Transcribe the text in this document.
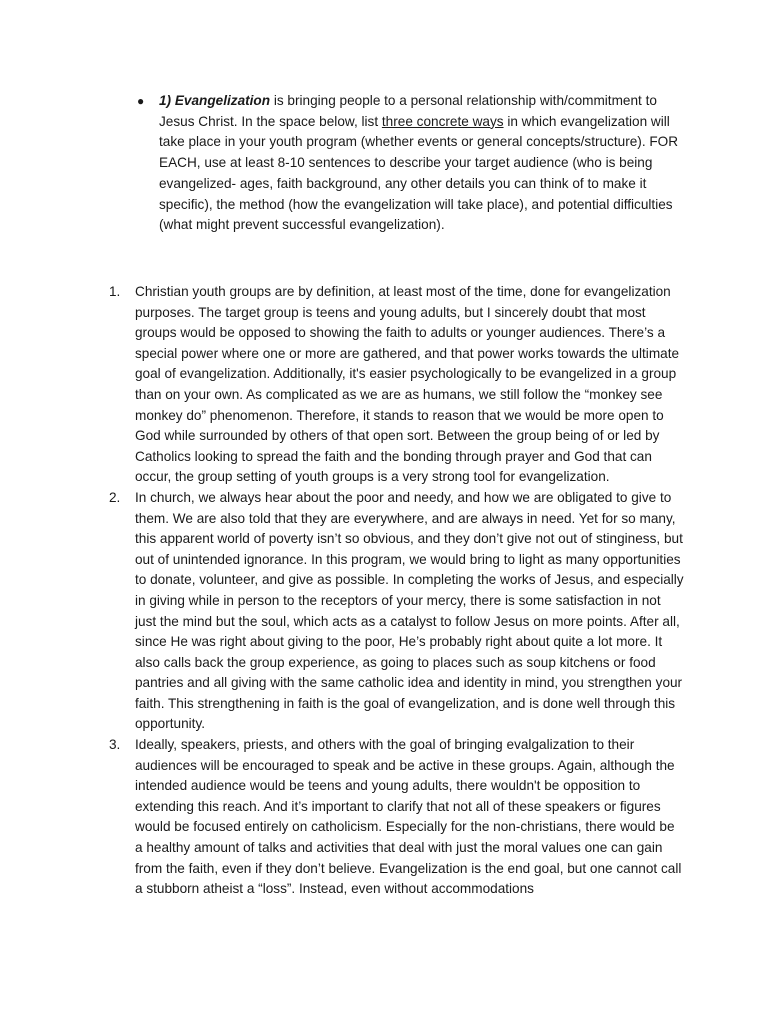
● 1) Evangelization is bringing people to a personal relationship with/commitment to Jesus Christ. In the space below, list three concrete ways in which evangelization will take place in your youth program (whether events or general concepts/structure). FOR EACH, use at least 8-10 sentences to describe your target audience (who is being evangelized- ages, faith background, any other details you can think of to make it specific), the method (how the evangelization will take place), and potential difficulties (what might prevent successful evangelization).

1. Christian youth groups are by definition, at least most of the time, done for evangelization purposes. The target group is teens and young adults, but I sincerely doubt that most groups would be opposed to showing the faith to adults or younger audiences. There’s a special power where one or more are gathered, and that power works towards the ultimate goal of evangelization. Additionally, it's easier psychologically to be evangelized in a group than on your own. As complicated as we are as humans, we still follow the “monkey see monkey do” phenomenon. Therefore, it stands to reason that we would be more open to God while surrounded by others of that open sort. Between the group being of or led by Catholics looking to spread the faith and the bonding through prayer and God that can occur, the group setting of youth groups is a very strong tool for evangelization.

2. In church, we always hear about the poor and needy, and how we are obligated to give to them. We are also told that they are everywhere, and are always in need. Yet for so many, this apparent world of poverty isn’t so obvious, and they don’t give not out of stinginess, but out of unintended ignorance. In this program, we would bring to light as many opportunities to donate, volunteer, and give as possible. In completing the works of Jesus, and especially in giving while in person to the receptors of your mercy, there is some satisfaction in not just the mind but the soul, which acts as a catalyst to follow Jesus on more points. After all, since He was right about giving to the poor, He’s probably right about quite a lot more. It also calls back the group experience, as going to places such as soup kitchens or food pantries and all giving with the same catholic idea and identity in mind, you strengthen your faith. This strengthening in faith is the goal of evangelization, and is done well through this opportunity.

3. Ideally, speakers, priests, and others with the goal of bringing evalgalization to their audiences will be encouraged to speak and be active in these groups. Again, although the intended audience would be teens and young adults, there wouldn't be opposition to extending this reach. And it’s important to clarify that not all of these speakers or figures would be focused entirely on catholicism. Especially for the non-christians, there would be a healthy amount of talks and activities that deal with just the moral values one can gain from the faith, even if they don’t believe. Evangelization is the end goal, but one cannot call a stubborn atheist a “loss”. Instead, even without accommodations
